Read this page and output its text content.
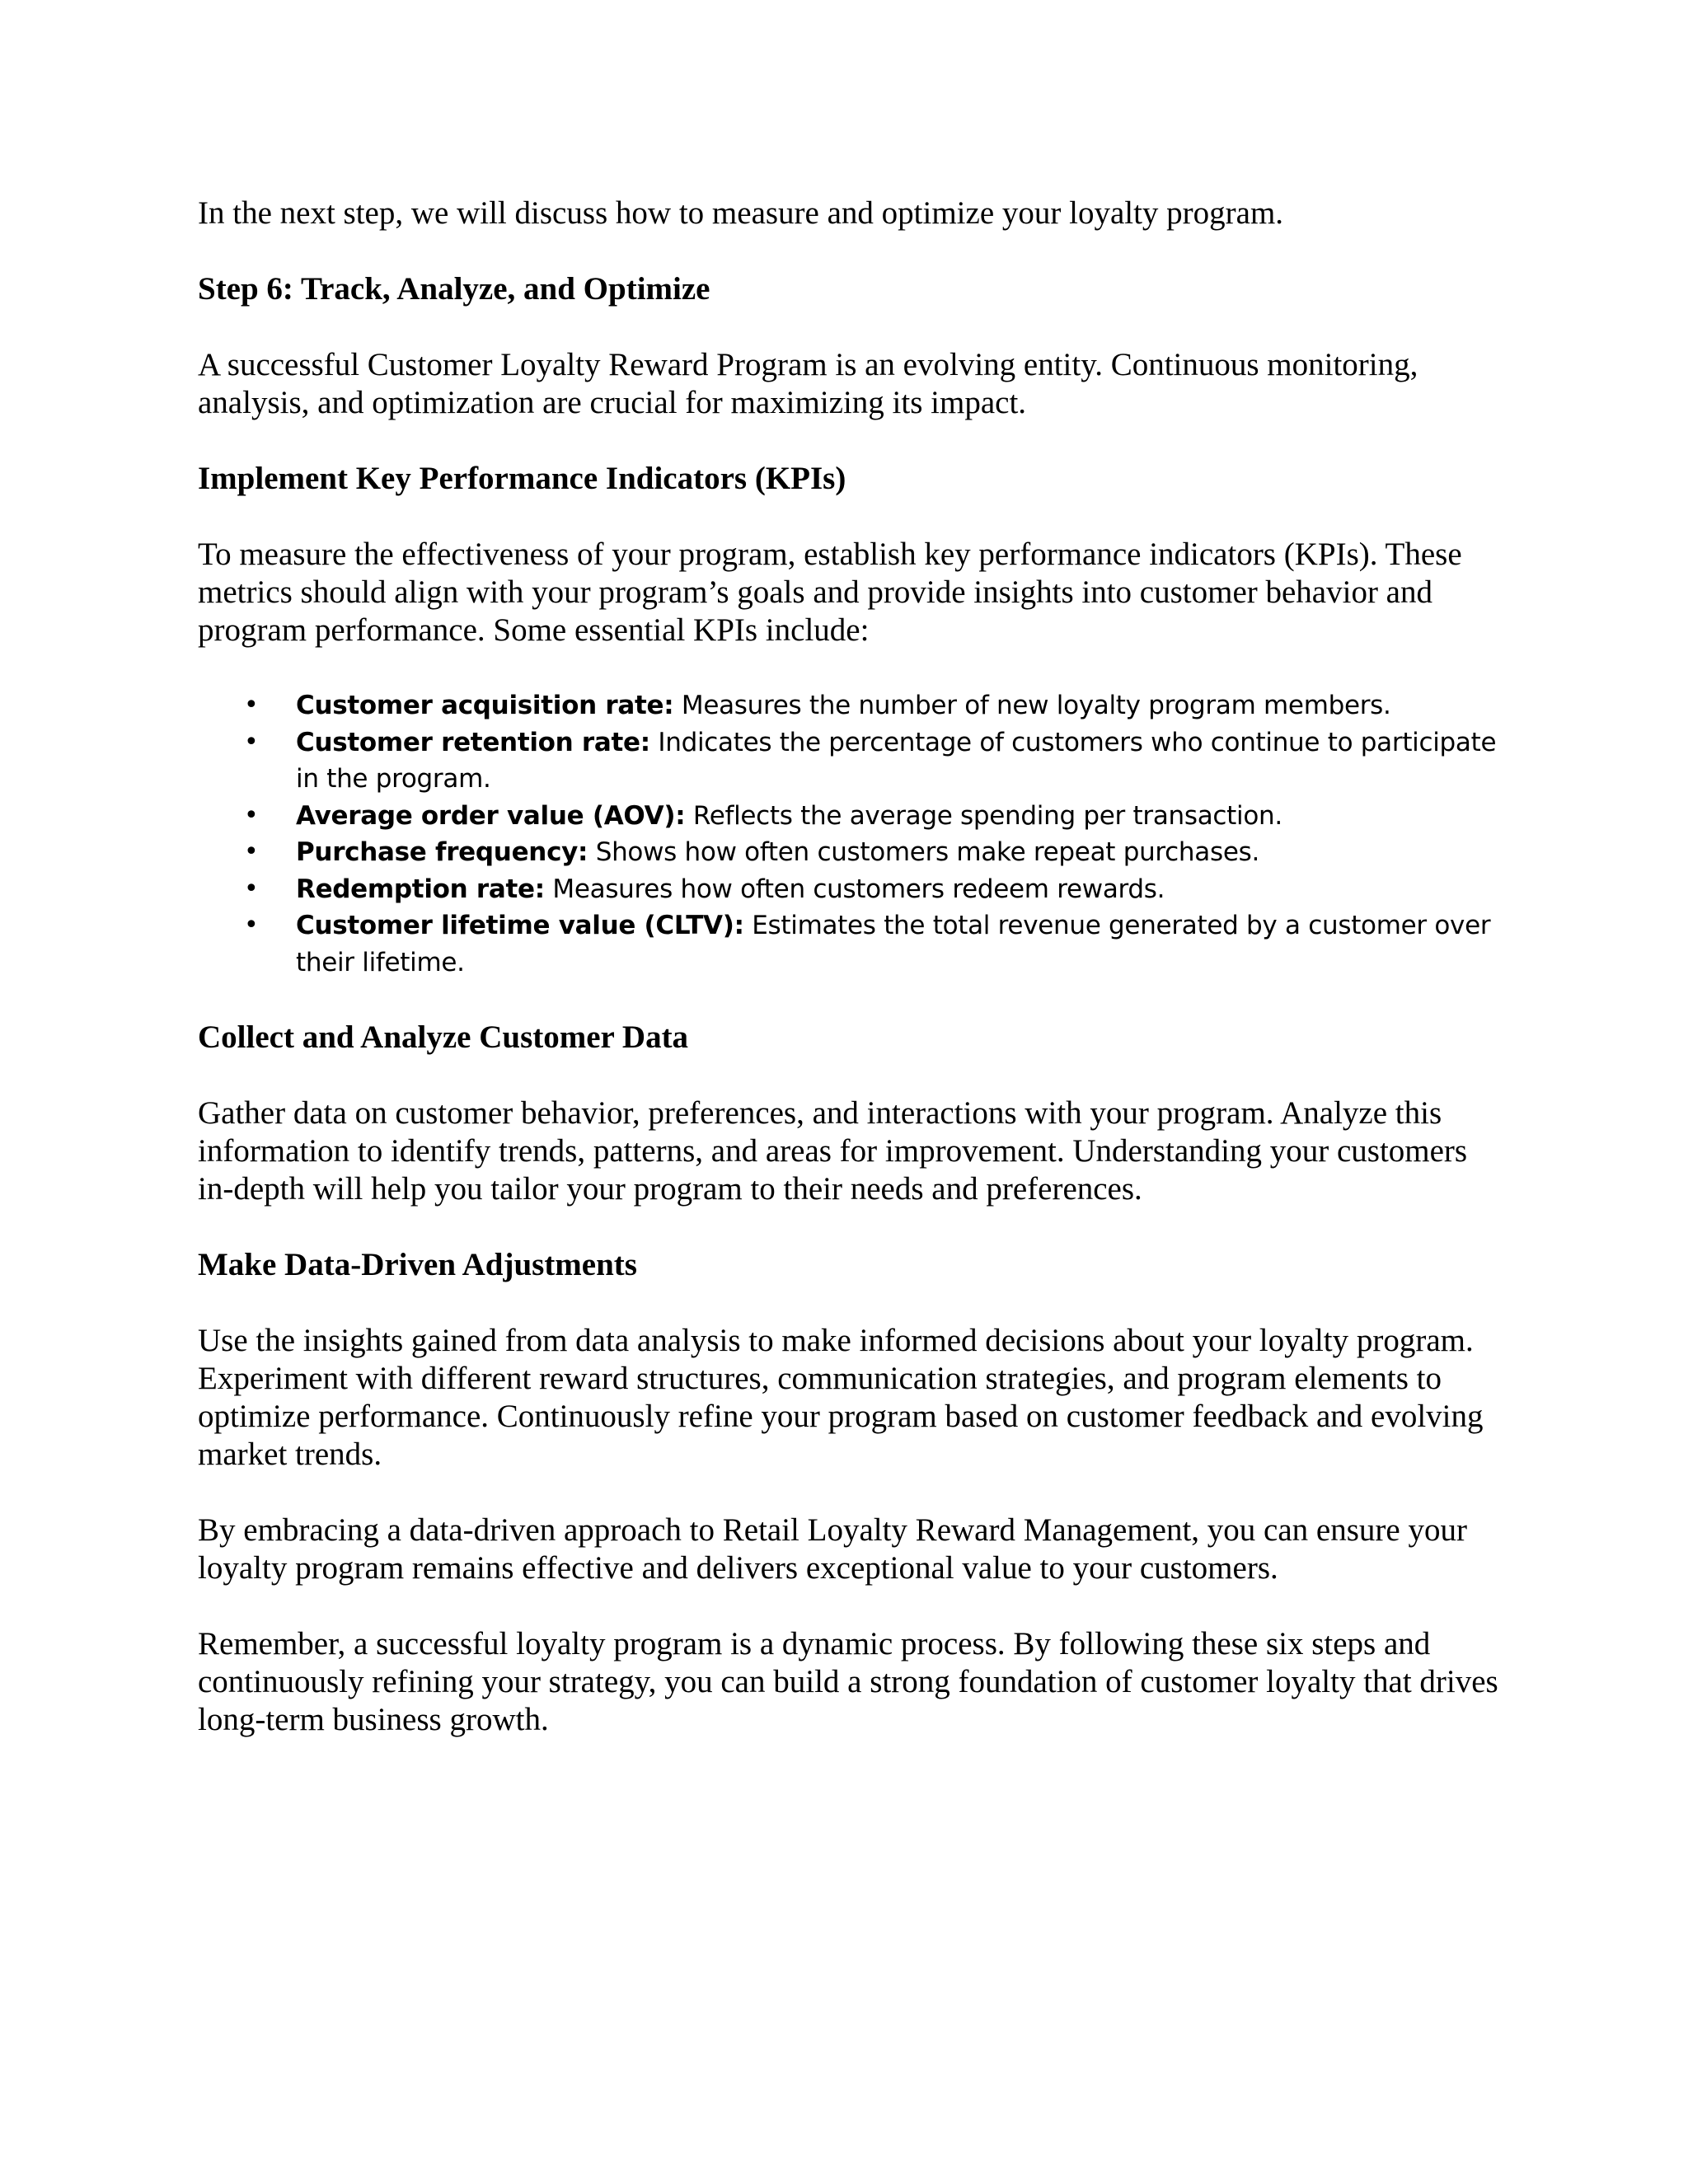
In the next step, we will discuss how to measure and optimize your loyalty program.

Step 6: Track, Analyze, and Optimize

A successful Customer Loyalty Reward Program is an evolving entity. Continuous monitoring, analysis, and optimization are crucial for maximizing its impact.

Implement Key Performance Indicators (KPIs)

To measure the effectiveness of your program, establish key performance indicators (KPIs). These metrics should align with your program’s goals and provide insights into customer behavior and program performance. Some essential KPIs include:

• Customer acquisition rate: Measures the number of new loyalty program members.
• Customer retention rate: Indicates the percentage of customers who continue to participate in the program.
• Average order value (AOV): Reflects the average spending per transaction.
• Purchase frequency: Shows how often customers make repeat purchases.
• Redemption rate: Measures how often customers redeem rewards.
• Customer lifetime value (CLTV): Estimates the total revenue generated by a customer over their lifetime.
Collect and Analyze Customer Data

Gather data on customer behavior, preferences, and interactions with your program. Analyze this information to identify trends, patterns, and areas for improvement. Understanding your customers in-depth will help you tailor your program to their needs and preferences.

Make Data-Driven Adjustments

Use the insights gained from data analysis to make informed decisions about your loyalty program. Experiment with different reward structures, communication strategies, and program elements to optimize performance. Continuously refine your program based on customer feedback and evolving market trends.

By embracing a data-driven approach to Retail Loyalty Reward Management, you can ensure your loyalty program remains effective and delivers exceptional value to your customers.

Remember, a successful loyalty program is a dynamic process. By following these six steps and continuously refining your strategy, you can build a strong foundation of customer loyalty that drives long-term business growth.
